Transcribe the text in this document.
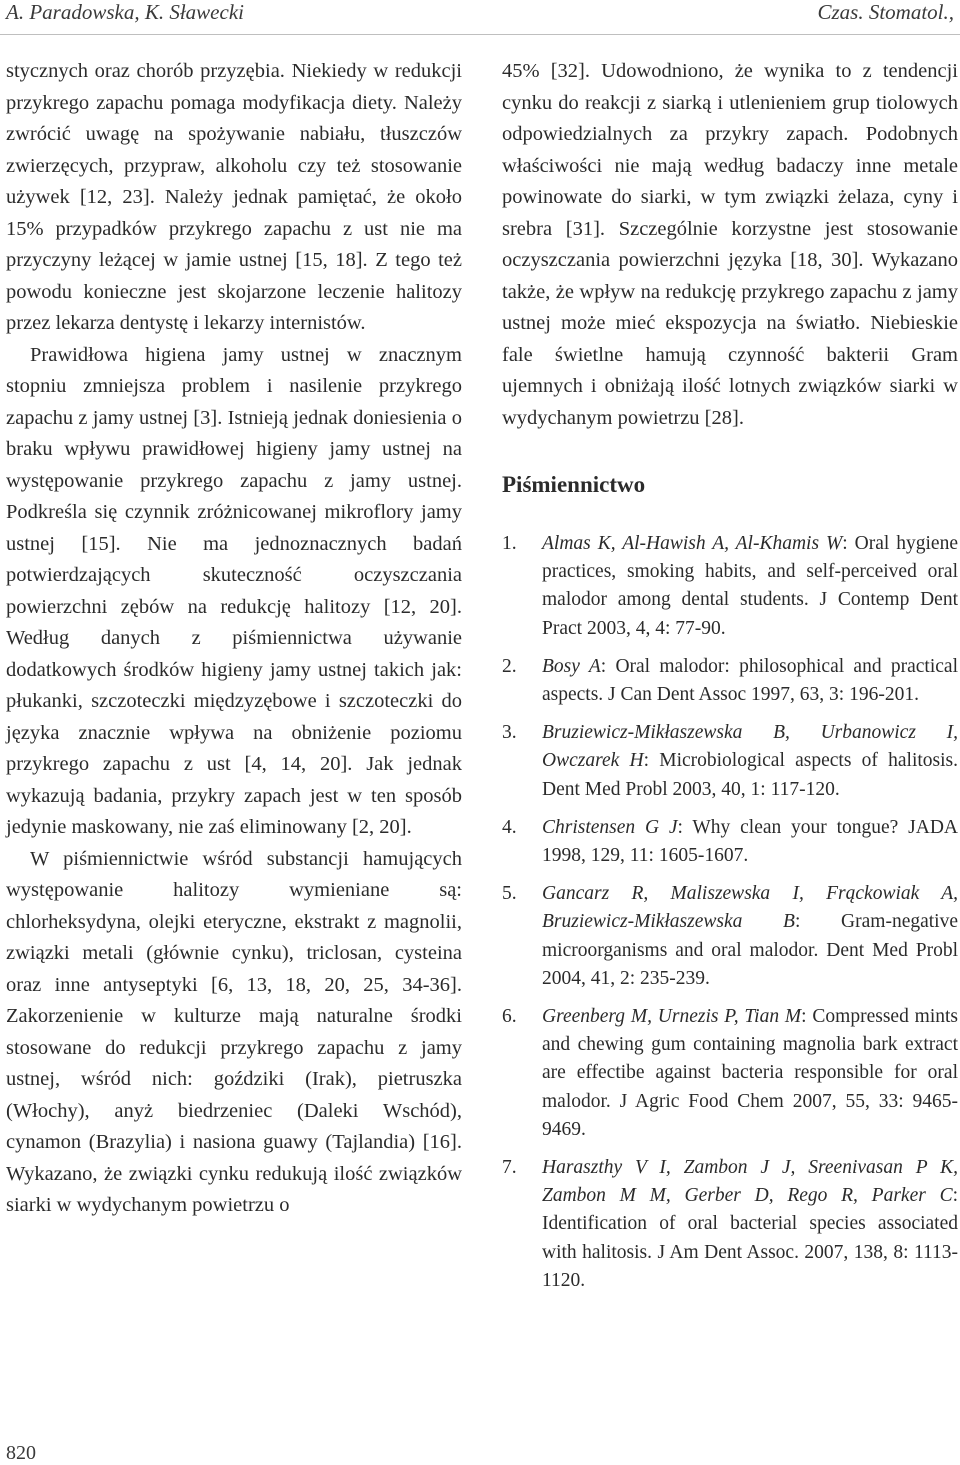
A. Paradowska, K. Sławecki	Czas. Stomatol.,

stycznych oraz chorób przyzębia. Niekiedy w redukcji przykrego zapachu pomaga modyfikacja diety. Należy zwrócić uwagę na spożywanie nabiału, tłuszczów zwierzęcych, przypraw, alkoholu czy też stosowanie używek [12, 23]. Należy jednak pamiętać, że około 15% przypadków przykrego zapachu z ust nie ma przyczyny leżącej w jamie ustnej [15, 18]. Z tego też powodu konieczne jest skojarzone leczenie halitozy przez lekarza dentystę i lekarzy internistów.

Prawidłowa higiena jamy ustnej w znacznym stopniu zmniejsza problem i nasilenie przykrego zapachu z jamy ustnej [3]. Istnieją jednak doniesienia o braku wpływu prawidłowej higieny jamy ustnej na występowanie przykrego zapachu z jamy ustnej. Podkreśla się czynnik zróżnicowanej mikroflory jamy ustnej [15]. Nie ma jednoznacznych badań potwierdzających skuteczność oczyszczania powierzchni zębów na redukcję halitozy [12, 20]. Według danych z piśmiennictwa używanie dodatkowych środków higieny jamy ustnej takich jak: płukanki, szczoteczki międzyzębowe i szczoteczki do języka znacznie wpływa na obniżenie poziomu przykrego zapachu z ust [4, 14, 20]. Jak jednak wykazują badania, przykry zapach jest w ten sposób jedynie maskowany, nie zaś eliminowany [2, 20].

W piśmiennictwie wśród substancji hamujących występowanie halitozy wymieniane są: chlorheksydyna, olejki eteryczne, ekstrakt z magnolii, związki metali (głównie cynku), triclosan, cysteina oraz inne antyseptyki [6, 13, 18, 20, 25, 34-36]. Zakorzenienie w kulturze mają naturalne środki stosowane do redukcji przykrego zapachu z jamy ustnej, wśród nich: goździki (Irak), pietruszka (Włochy), anyż biedrzeniec (Daleki Wschód), cynamon (Brazylia) i nasiona guawy (Tajlandia) [16]. Wykazano, że związki cynku redukują ilość związków siarki w wydychanym powietrzu o

45% [32]. Udowodniono, że wynika to z tendencji cynku do reakcji z siarką i utlenieniem grup tiolowych odpowiedzialnych za przykry zapach. Podobnych właściwości nie mają według badaczy inne metale powinowate do siarki, w tym związki żelaza, cyny i srebra [31]. Szczególnie korzystne jest stosowanie oczyszczania powierzchni języka [18, 30]. Wykazano także, że wpływ na redukcję przykrego zapachu z jamy ustnej może mieć ekspozycja na światło. Niebieskie fale świetlne hamują czynność bakterii Gram ujemnych i obniżają ilość lotnych związków siarki w wydychanym powietrzu [28].

Piśmiennictwo
1. Almas K, Al-Hawish A, Al-Khamis W: Oral hygiene practices, smoking habits, and self-perceived oral malodor among dental students. J Contemp Dent Pract 2003, 4, 4: 77-90.
2. Bosy A: Oral malodor: philosophical and practical aspects. J Can Dent Assoc 1997, 63, 3: 196-201.
3. Bruziewicz-Mikłaszewska B, Urbanowicz I, Owczarek H: Microbiological aspects of halitosis. Dent Med Probl 2003, 40, 1: 117-120.
4. Christensen G J: Why clean your tongue? JADA 1998, 129, 11: 1605-1607.
5. Gancarz R, Maliszewska I, Frąckowiak A, Bruziewicz-Mikłaszewska B: Gram-negative microorganisms and oral malodor. Dent Med Probl 2004, 41, 2: 235-239.
6. Greenberg M, Urnezis P, Tian M: Compressed mints and chewing gum containing magnolia bark extract are effectibe against bacteria responsible for oral malodor. J Agric Food Chem 2007, 55, 33: 9465-9469.
7. Haraszthy V I, Zambon J J, Sreenivasan P K, Zambon M M, Gerber D, Rego R, Parker C: Identification of oral bacterial species associated with halitosis. J Am Dent Assoc. 2007, 138, 8: 1113-1120.
820
